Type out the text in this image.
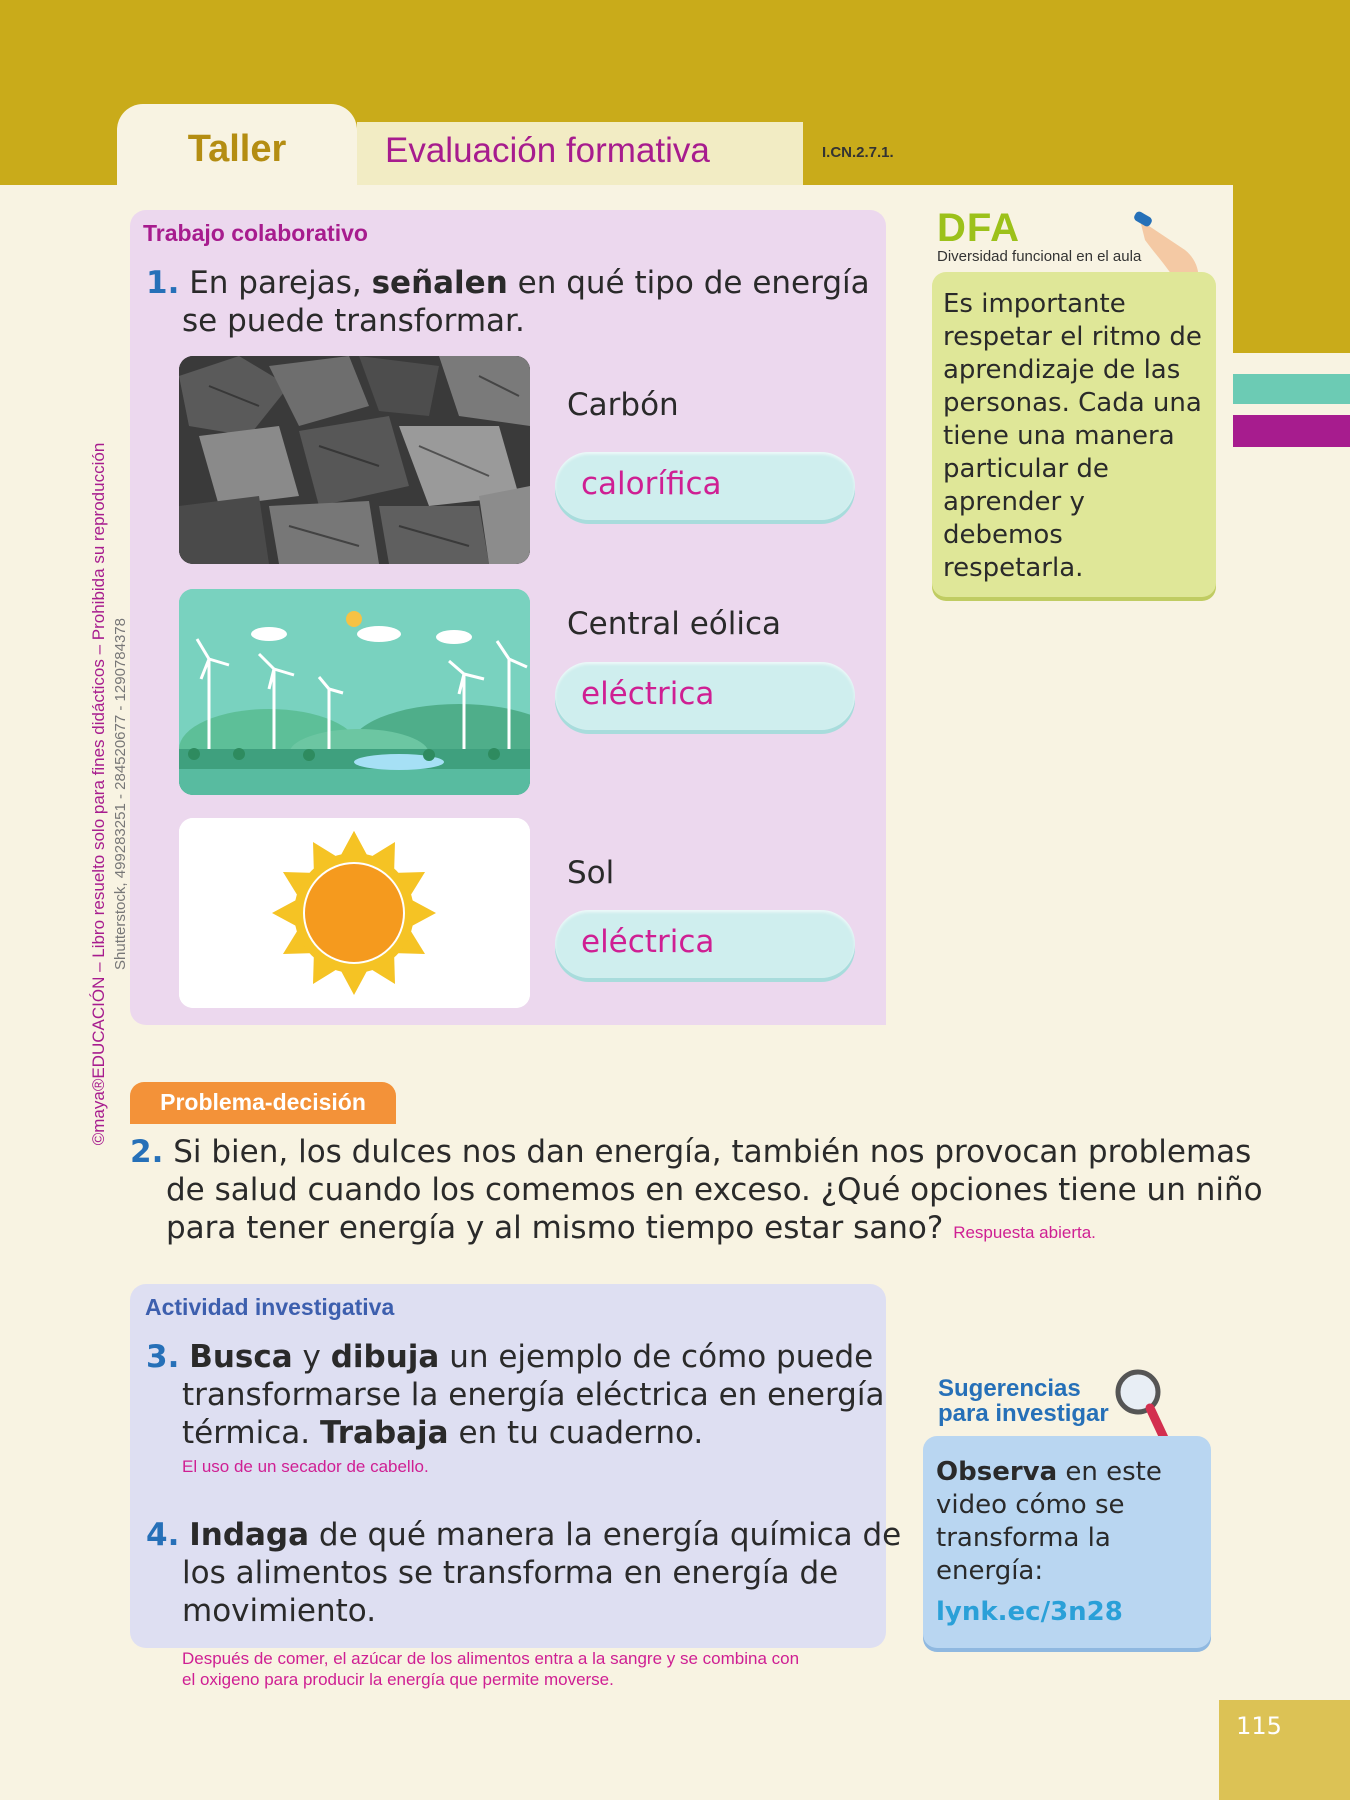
Taller	Evaluación formativa	I.CN.2.7.1.
©maya®EDUCACIÓN – Libro resuelto solo para fines didácticos – Prohibida su reproducción Shutterstock, 499283251 - 284520677 - 1290784378
Trabajo colaborativo
1. En parejas, señalen en qué tipo de energía se puede transformar.
Carbón
calorífica
Central eólica
eléctrica
Sol
eléctrica
DFA
Diversidad funcional en el aula
Es importante respetar el ritmo de aprendizaje de las personas. Cada una tiene una manera particular de aprender y debemos respetarla.
Problema-decisión
2. Si bien, los dulces nos dan energía, también nos provocan problemas de salud cuando los comemos en exceso. ¿Qué opciones tiene un niño para tener energía y al mismo tiempo estar sano? Respuesta abierta.
Actividad investigativa
3. Busca y dibuja un ejemplo de cómo puede transformarse la energía eléctrica en energía térmica. Trabaja en tu cuaderno.
El uso de un secador de cabello.
4. Indaga de qué manera la energía química de los alimentos se transforma en energía de movimiento.
Después de comer, el azúcar de los alimentos entra a la sangre y se combina con el oxigeno para producir la energía que permite moverse.
Sugerencias
para investigar
Observa en este video cómo se transforma la energía:
lynk.ec/3n28
115
